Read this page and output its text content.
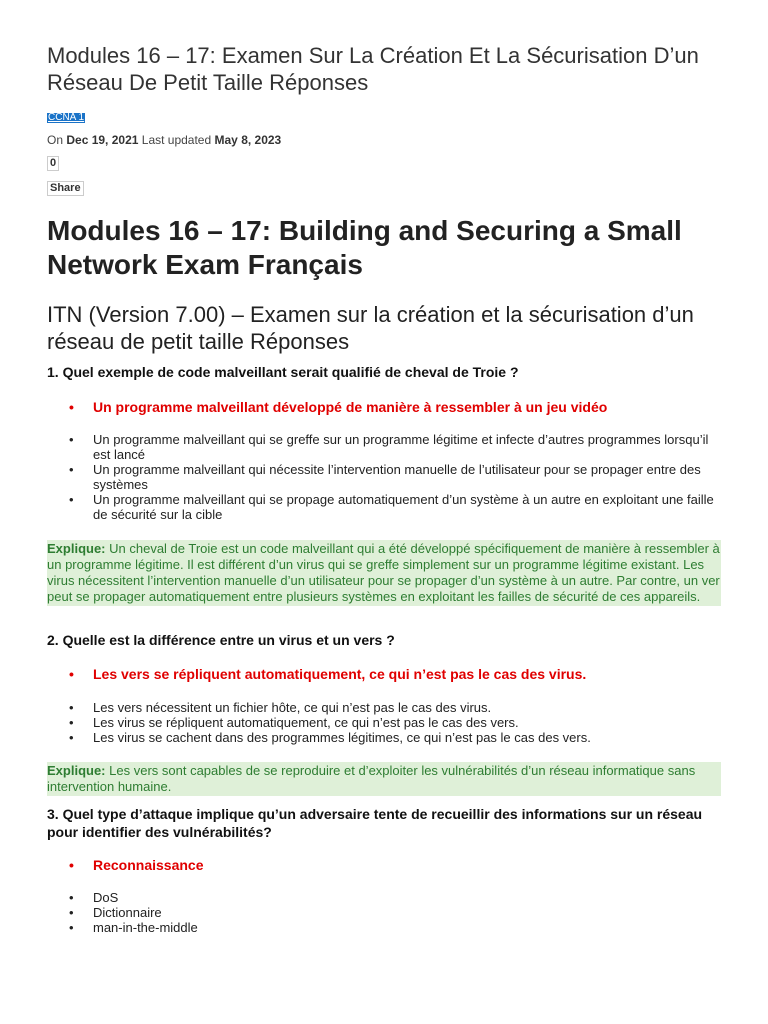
Modules 16 – 17: Examen Sur La Création Et La Sécurisation D’un Réseau De Petit Taille Réponses
CCNA 1
On Dec 19, 2021 Last updated May 8, 2023
0
Share
Modules 16 – 17: Building and Securing a Small Network Exam Français
ITN (Version 7.00) – Examen sur la création et la sécurisation d’un réseau de petit taille Réponses

1. Quel exemple de code malveillant serait qualifié de cheval de Troie ?

• Un programme malveillant développé de manière à ressembler à un jeu vidéo
• Un programme malveillant qui se greffe sur un programme légitime et infecte d’autres programmes lorsqu’il est lancé
• Un programme malveillant qui nécessite l’intervention manuelle de l’utilisateur pour se propager entre des systèmes
• Un programme malveillant qui se propage automatiquement d’un système à un autre en exploitant une faille de sécurité sur la cible
Explique: Un cheval de Troie est un code malveillant qui a été développé spécifiquement de manière à ressembler à un programme légitime. Il est différent d’un virus qui se greffe simplement sur un programme légitime existant. Les virus nécessitent l’intervention manuelle d’un utilisateur pour se propager d’un système à un autre. Par contre, un ver peut se propager automatiquement entre plusieurs systèmes en exploitant les failles de sécurité de ces appareils.

2. Quelle est la différence entre un virus et un vers ?

• Les vers se répliquent automatiquement, ce qui n’est pas le cas des virus.
• Les vers nécessitent un fichier hôte, ce qui n’est pas le cas des virus.
• Les virus se répliquent automatiquement, ce qui n’est pas le cas des vers.
• Les virus se cachent dans des programmes légitimes, ce qui n’est pas le cas des vers.
Explique: Les vers sont capables de se reproduire et d’exploiter les vulnérabilités d’un réseau informatique sans intervention humaine.

3. Quel type d’attaque implique qu’un adversaire tente de recueillir des informations sur un réseau pour identifier des vulnérabilités?

• Reconnaissance
• DoS
• Dictionnaire
• man-in-the-middle
